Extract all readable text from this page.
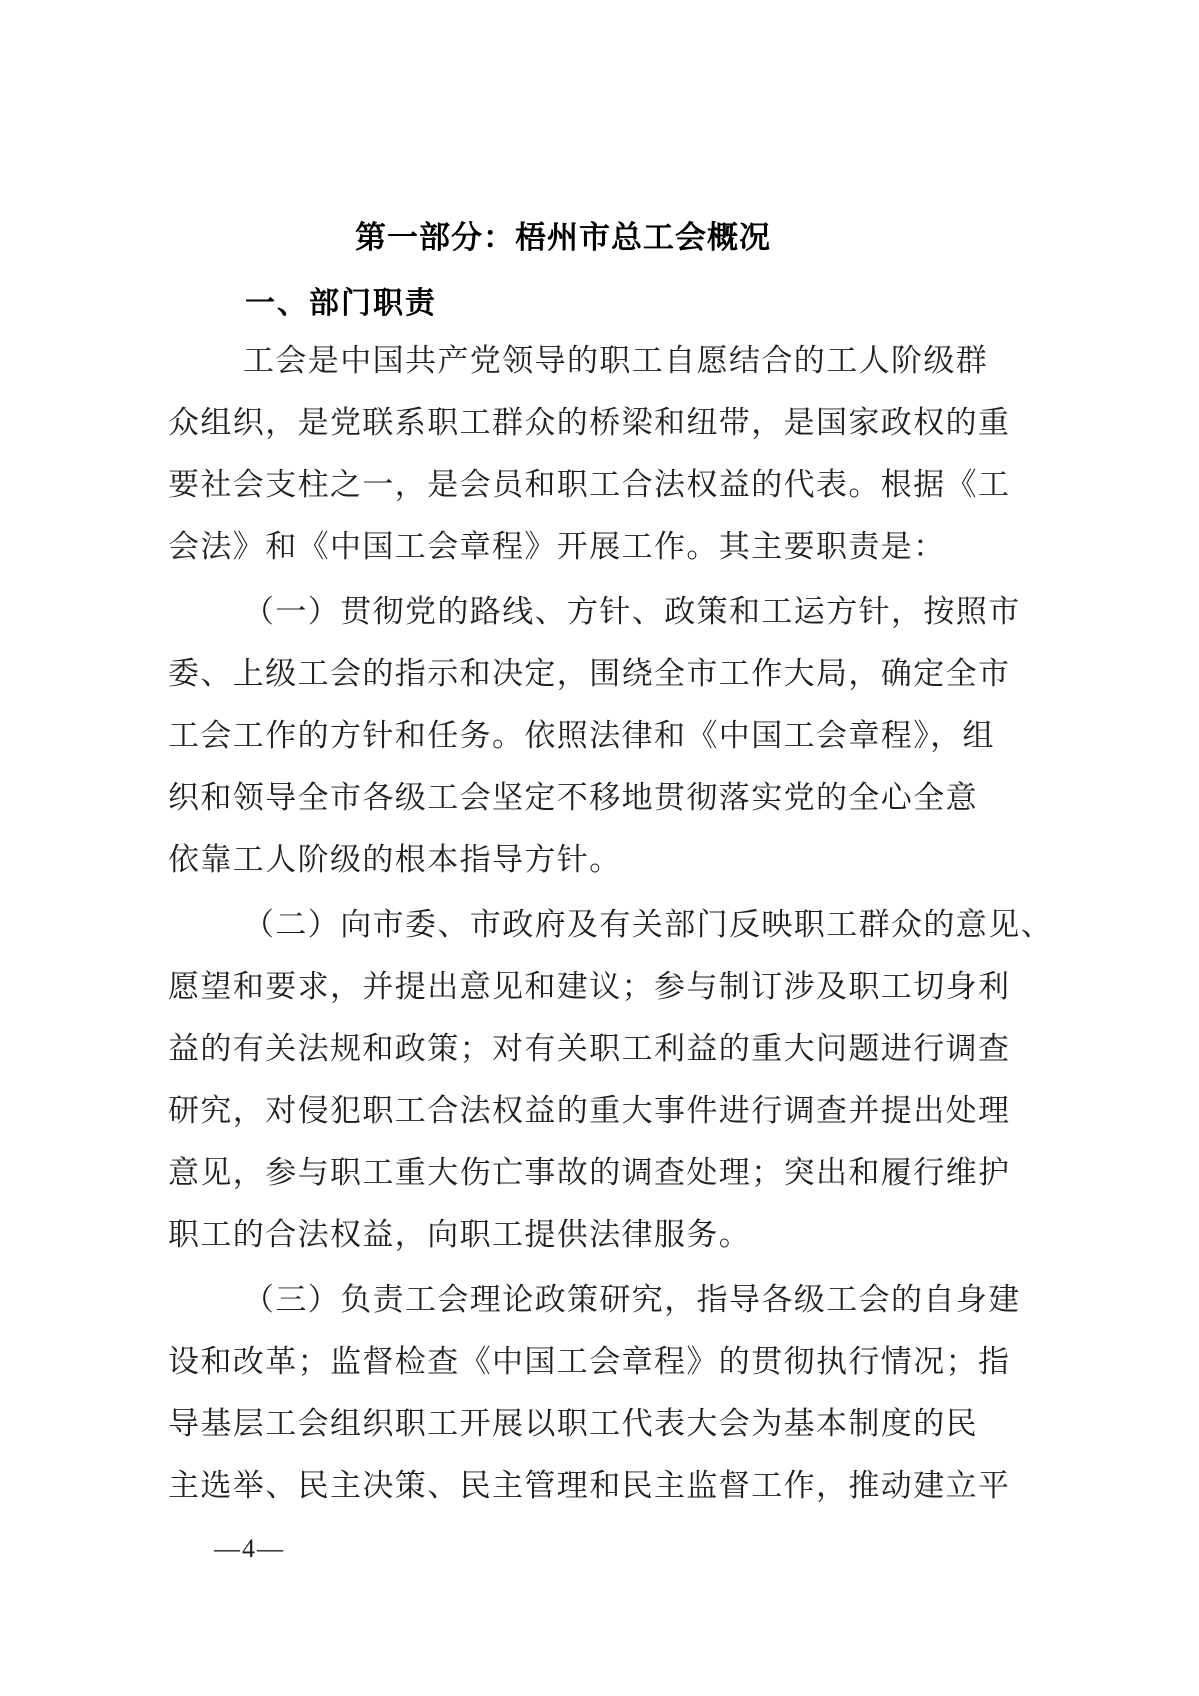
第一部分：梧州市总工会概况
一、部门职责

工会是中国共产党领导的职工自愿结合的工人阶级群
众组织，是党联系职工群众的桥梁和纽带，是国家政权的重
要社会支柱之一，是会员和职工合法权益的代表。根据《工
会法》和《中国工会章程》开展工作。其主要职责是：

（一）贯彻党的路线、方针、政策和工运方针，按照市
委、上级工会的指示和决定，围绕全市工作大局，确定全市
工会工作的方针和任务。依照法律和《中国工会章程》，组
织和领导全市各级工会坚定不移地贯彻落实党的全心全意
依靠工人阶级的根本指导方针。

（二）向市委、市政府及有关部门反映职工群众的意见、
愿望和要求，并提出意见和建议；参与制订涉及职工切身利
益的有关法规和政策；对有关职工利益的重大问题进行调查
研究，对侵犯职工合法权益的重大事件进行调查并提出处理
意见，参与职工重大伤亡事故的调查处理；突出和履行维护
职工的合法权益，向职工提供法律服务。

（三）负责工会理论政策研究，指导各级工会的自身建
设和改革；监督检查《中国工会章程》的贯彻执行情况；指
导基层工会组织职工开展以职工代表大会为基本制度的民
主选举、民主决策、民主管理和民主监督工作，推动建立平

—4—
